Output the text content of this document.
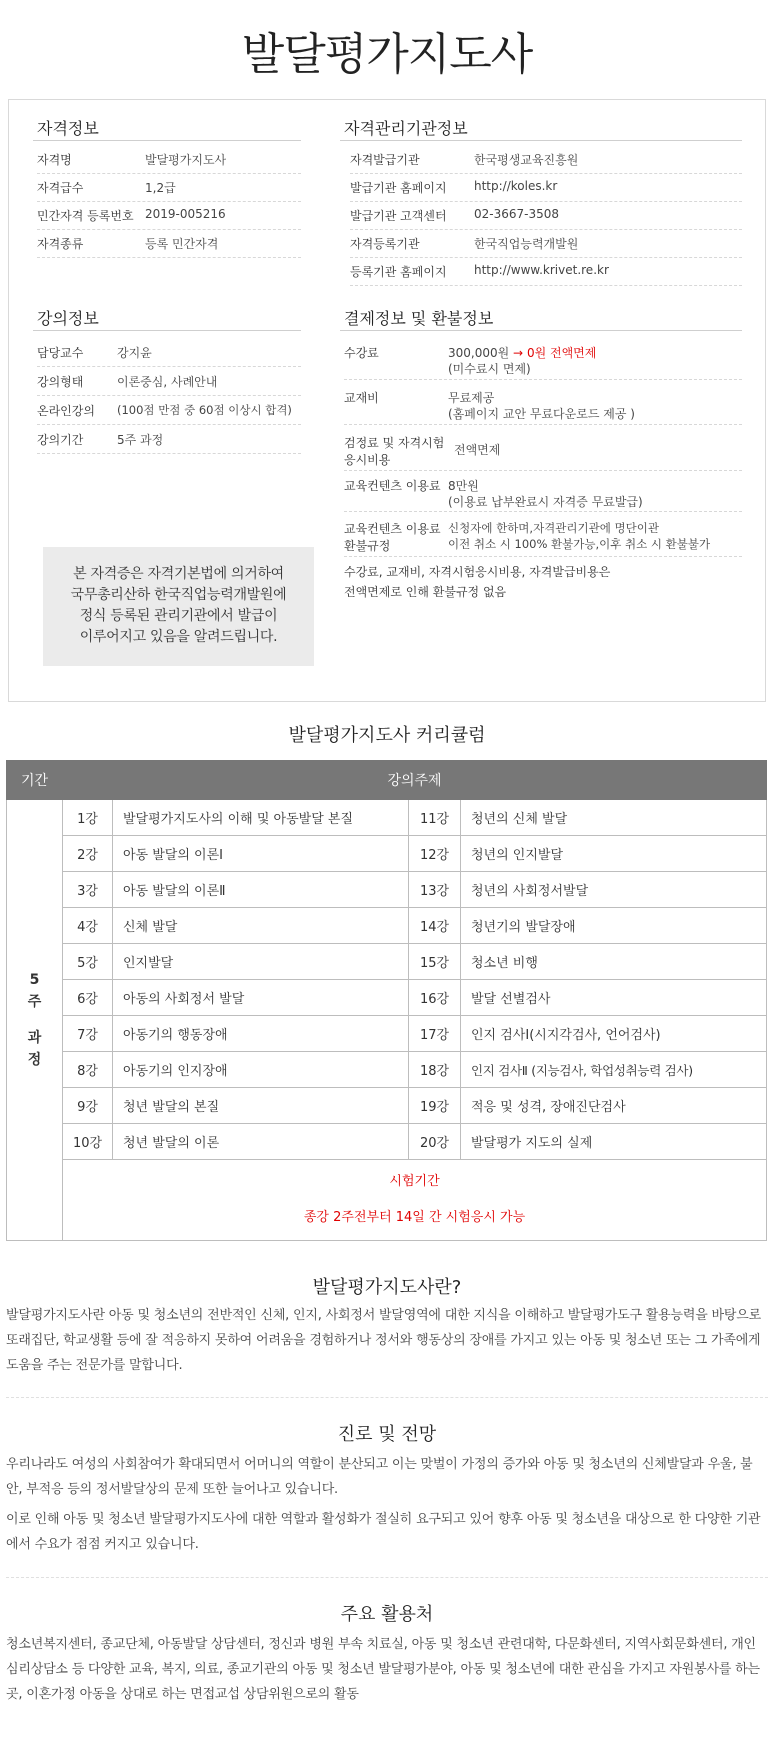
발달평가지도사
자격정보
자격명	발달평가지도사
자격급수	1,2급
민간자격 등록번호 2019-005216
자격종류	등록 민간자격
자격관리기관정보
자격발급기관	한국평생교육진흥원
발급기관 홈페이지 http://koles.kr
발급기관 고객센터 02-3667-3508
자격등록기관	한국직업능력개발원
등록기관 홈페이지 http://www.krivet.re.kr
강의정보
담당교수	강지윤
강의형태	이론중심, 사례안내
온라인강의 (100점 만점 중 60점 이상시 합격)
강의기간	5주 과정
본 자격증은 자격기본법에 의거하여
국무총리산하 한국직업능력개발원에
정식 등록된 관리기관에서 발급이
이루어지고 있음을 알려드립니다.
결제정보 및 환불정보
수강료	300,000원 → 0원 전액면제
(미수료시 면제)
교재비	무료제공
(홈페이지 교안 무료다운로드 제공 )
검정료 및 자격시험
응시비용
전액면제
교육컨텐츠 이용료 8만원
(이용료 납부완료시 자격증 무료발급)
교육컨텐츠 이용료
환불규정
신청자에 한하며,자격관리기관에 명단이관
이전 취소 시 100% 환불가능,이후 취소 시 환불불가
수강료, 교재비, 자격시험응시비용, 자격발급비용은
전액면제로 인해 환불규정 없음
발달평가지도사 커리큘럼
기간	강의주제			

5
주
과
정	1강	발달평가지도사의 이해 및 아동발달 본질	11강	청년의 신체 발달
	2강	아동 발달의 이론Ⅰ	12강	청년의 인지발달
	3강	아동 발달의 이론Ⅱ	13강	청년의 사회정서발달
	4강	신체 발달	14강	청년기의 발달장애
	5강	인지발달	15강	청소년 비행
	6강	아동의 사회정서 발달	16강	발달 선별검사
	7강	아동기의 행동장애	17강	인지 검사Ⅰ(시지각검사, 언어검사)
	8강	아동기의 인지장애	18강	인지 검사Ⅱ (지능검사, 학업성취능력 검사)
	9강	청년 발달의 본질	19강	적응 및 성격, 장애진단검사
	10강	청년 발달의 이론	20강	발달평가 지도의 실제

	시험기간
종강 2주전부터 14일 간 시험응시 가능			
발달평가지도사란?
발달평가지도사란 아동 및 청소년의 전반적인 신체, 인지, 사회정서 발달영역에 대한 지식을 이해하고 발달평가도구 활용능력을 바탕으로 또래집단, 학교생활 등에 잘 적응하지 못하여 어려움을 경험하거나 정서와 행동상의 장애를 가지고 있는 아동 및 청소년 또는 그 가족에게 도움을 주는 전문가를 말합니다.
진로 및 전망
우리나라도 여성의 사회참여가 확대되면서 어머니의 역할이 분산되고 이는 맞벌이 가정의 증가와 아동 및 청소년의 신체발달과 우울, 불안, 부적응 등의 정서발달상의 문제 또한 늘어나고 있습니다.
이로 인해 아동 및 청소년 발달평가지도사에 대한 역할과 활성화가 절실히 요구되고 있어 향후 아동 및 청소년을 대상으로 한 다양한 기관에서 수요가 점점 커지고 있습니다.
주요 활용처
청소년복지센터, 종교단체, 아동발달 상담센터, 정신과 병원 부속 치료실, 아동 및 청소년 관련대학, 다문화센터, 지역사회문화센터, 개인심리상담소 등 다양한 교육, 복지, 의료, 종교기관의 아동 및 청소년 발달평가분야, 아동 및 청소년에 대한 관심을 가지고 자원봉사를 하는 곳, 이혼가정 아동을 상대로 하는 면접교섭 상담위원으로의 활동
